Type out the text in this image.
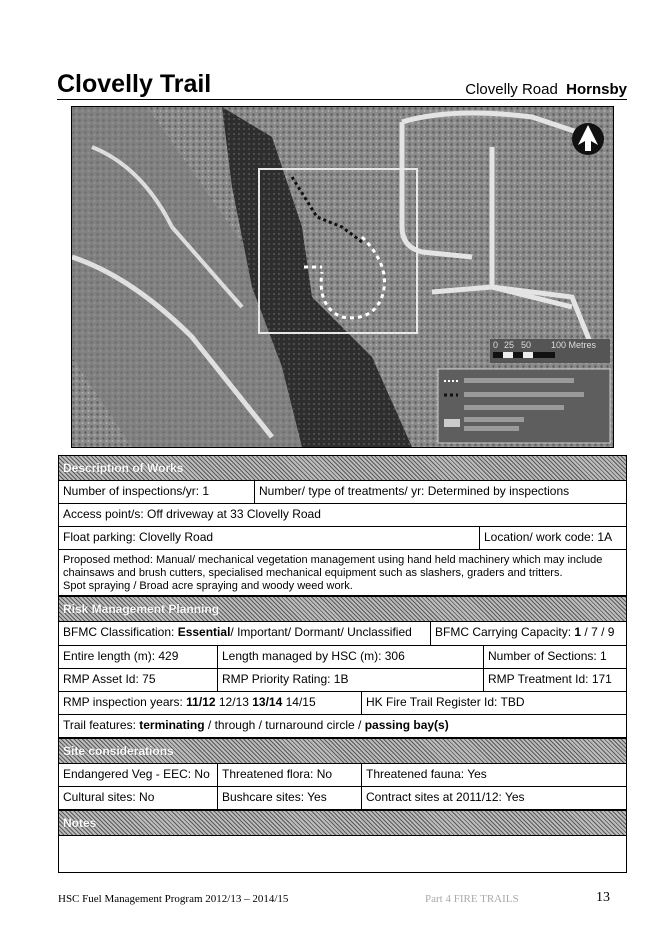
Clovelly Trail	Clovelly Road Hornsby
0 25 50 100 Metres
Description of Works
Number of inspections/yr: 1	Number/ type of treatments/ yr: Determined by inspections
Access point/s: Off driveway at 33 Clovelly Road
Float parking: Clovelly Road	Location/ work code: 1A
Proposed method: Manual/ mechanical vegetation management using hand held machinery which may include
chainsaws and brush cutters, specialised mechanical equipment such as slashers, graders and tritters.
Spot spraying / Broad acre spraying and woody weed work.
Risk Management Planning
BFMC Classification: Essential/ Important/ Dormant/ Unclassified	BFMC Carrying Capacity: 1 / 7 / 9
Entire length (m): 429	Length managed by HSC (m): 306	Number of Sections: 1
RMP Asset Id: 75	RMP Priority Rating: 1B	RMP Treatment Id: 171
RMP inspection years: 11/12 12/13 13/14 14/15	HK Fire Trail Register Id: TBD
Trail features: terminating / through / turnaround circle / passing bay(s)
Site considerations
Endangered Veg - EEC: No	Threatened flora: No	Threatened fauna: Yes
Cultural sites: No	Bushcare sites: Yes	Contract sites at 2011/12: Yes
Notes
HSC Fuel Management Program 2012/13 – 2014/15	Part 4 FIRE TRAILS	13
